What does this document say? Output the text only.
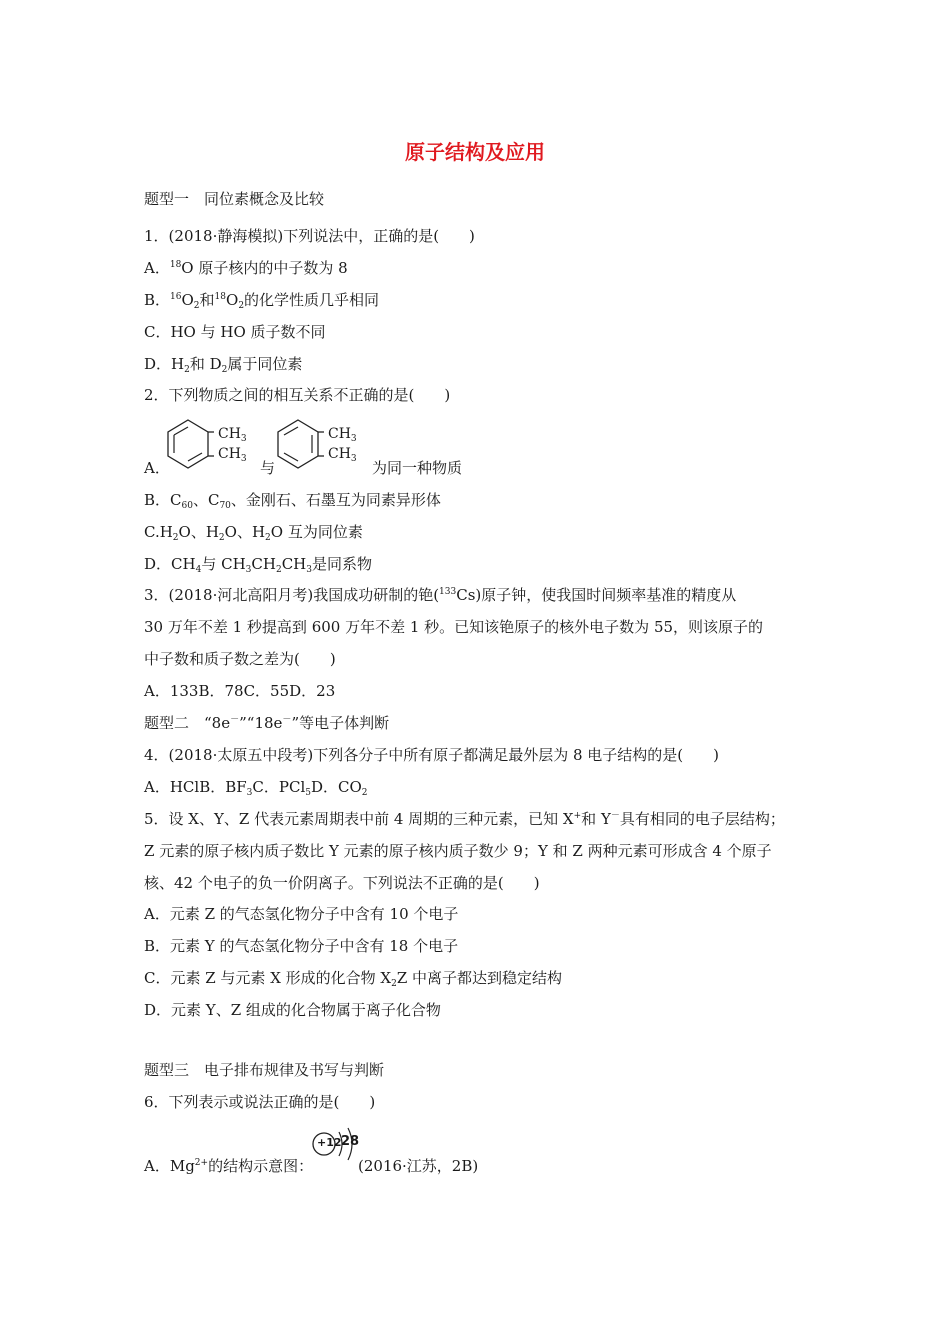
原子结构及应用
题型一　同位素概念及比较
1．(2018·静海模拟)下列说法中，正确的是(　　)
A．$^{18}$O 原子核内的中子数为 8
B．$^{16}O_2$和$^{18}O_2$的化学性质几乎相同
C．HO 与 HO 质子数不同
D．$H_2$和 $D_2$属于同位素
2．下列物质之间的相互关系不正确的是(　　)
A．
$CH_3$
$CH_3$ 与
$CH_3$
$CH_3$ 为同一种物质
B．$C_{60}$、$C_{70}$、金刚石、石墨互为同素异形体
$C.H_2O$、$H_2O$、$H_2O$ 互为同位素
D．$CH_4$与 $CH_3CH_2CH_3$是同系物
3．(2018·河北高阳月考)我国成功研制的铯($^{133}$Cs)原子钟，使我国时间频率基准的精度从
30 万年不差 1 秒提高到 600 万年不差 1 秒。已知该铯原子的核外电子数为 55，则该原子的
中子数和质子数之差为(　　)
A．133B．78C．55D．23
题型二　“8e－”“18e－”等电子体判断
4．(2018·太原五中段考)下列各分子中所有原子都满足最外层为 8 电子结构的是(　　)
A．HClB．$BF_3C$．PCl$_5$D．$CO_2$
5．设 X、Y、Z 代表元素周期表中前 4 周期的三种元素，已知 X+和 Y－具有相同的电子层结构；
Z 元素的原子核内质子数比 Y 元素的原子核内质子数少 9；Y 和 Z 两种元素可形成含 4 个原子
核、42 个电子的负一价阴离子。下列说法不正确的是(　　)
A．元素 Z 的气态氢化物分子中含有 10 个电子
B．元素 Y 的气态氢化物分子中含有 18 个电子
C．元素 Z 与元素 X 形成的化合物 $X_2Z$ 中离子都达到稳定结构
D．元素 Y、Z 组成的化合物属于离子化合物
题型三　电子排布规律及书写与判断
6．下列表示或说法正确的是(　　)
A．$Mg^{2+}$的结构示意图：
+12 2 8
(2016·江苏，2B)
